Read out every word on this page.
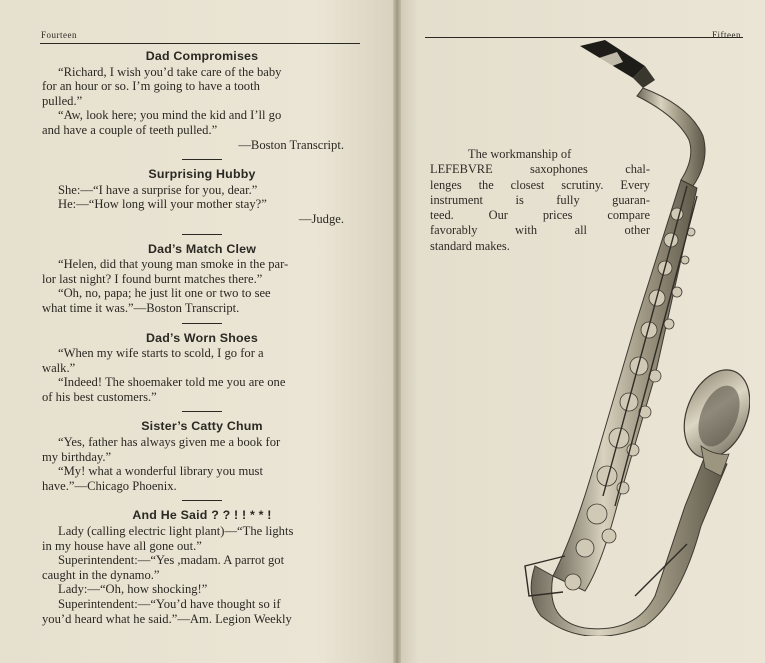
Fourteen
Dad Compromises
“Richard, I wish you’d take care of the baby
for an hour or so. I’m going to have a tooth
pulled.”
“Aw, look here; you mind the kid and I’ll go
and have a couple of teeth pulled.”
—Boston Transcript.
Surprising Hubby
She:—“I have a surprise for you, dear.”
He:—“How long will your mother stay?”
—Judge.
Dad’s Match Clew
“Helen, did that young man smoke in the par-
lor last night? I found burnt matches there.”
“Oh, no, papa; he just lit one or two to see
what time it was.”—Boston Transcript.
Dad’s Worn Shoes
“When my wife starts to scold, I go for a
walk.”
“Indeed! The shoemaker told me you are one
of his best customers.”
Sister’s Catty Chum
“Yes, father has always given me a book for
my birthday.”
“My! what a wonderful library you must
have.”—Chicago Phoenix.
And He Said ? ? ! ! * * !
Lady (calling electric light plant)—“The lights
in my house have all gone out.”
Superintendent:—“Yes ,madam. A parrot got
caught in the dynamo.”
Lady:—“Oh, how shocking!”
Superintendent:—“You’d have thought so if
you’d heard what he said.”—Am. Legion Weekly
Fifteen
The workmanship of
LEFEBVRE saxophones chal-
lenges the closest scrutiny. Every
instrument is fully guaran-
teed. Our prices compare
favorably with all other
standard makes.
